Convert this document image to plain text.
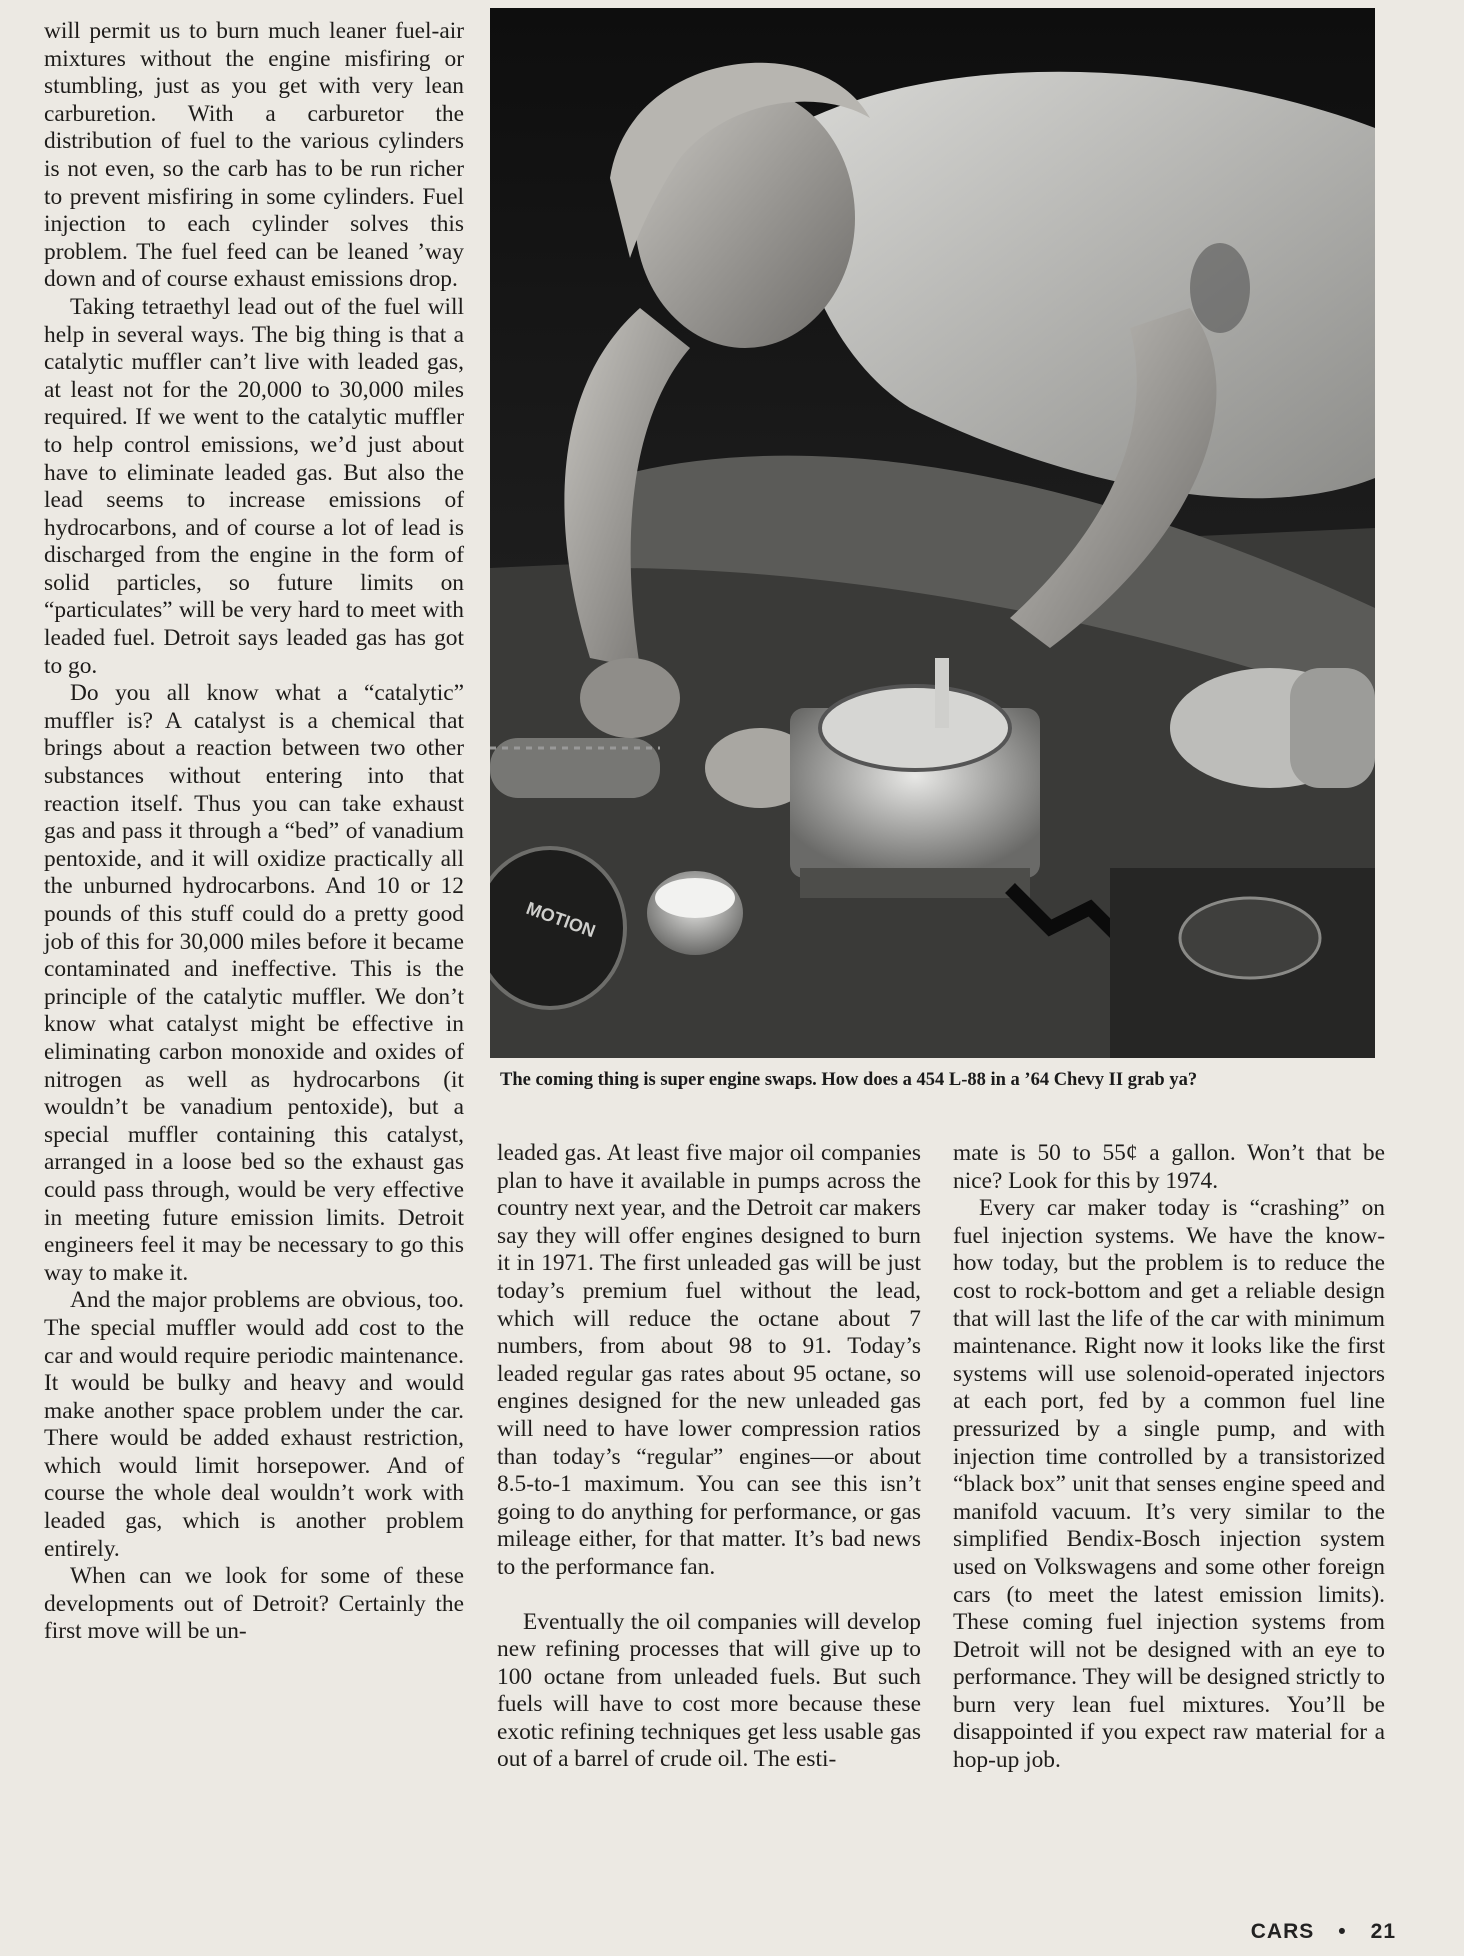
will permit us to burn much leaner fuel-air mixtures without the engine misfiring or stumbling, just as you get with very lean carburetion. With a carburetor the distribution of fuel to the various cylinders is not even, so the carb has to be run richer to prevent misfiring in some cylinders. Fuel injection to each cylinder solves this problem. The fuel feed can be leaned ’way down and of course exhaust emissions drop.

Taking tetraethyl lead out of the fuel will help in several ways. The big thing is that a catalytic muffler can’t live with leaded gas, at least not for the 20,000 to 30,000 miles required. If we went to the catalytic muffler to help control emissions, we’d just about have to eliminate leaded gas. But also the lead seems to increase emissions of hydrocarbons, and of course a lot of lead is discharged from the engine in the form of solid particles, so future limits on “particulates” will be very hard to meet with leaded fuel. Detroit says leaded gas has got to go.

Do you all know what a “catalytic” muffler is? A catalyst is a chemical that brings about a reaction between two other substances without entering into that reaction itself. Thus you can take exhaust gas and pass it through a “bed” of vanadium pentoxide, and it will oxidize practically all the unburned hydrocarbons. And 10 or 12 pounds of this stuff could do a pretty good job of this for 30,000 miles before it became contaminated and ineffective. This is the principle of the catalytic muffler. We don’t know what catalyst might be effective in eliminating carbon monoxide and oxides of nitrogen as well as hydrocarbons (it wouldn’t be vanadium pentoxide), but a special muffler containing this catalyst, arranged in a loose bed so the exhaust gas could pass through, would be very effective in meeting future emission limits. Detroit engineers feel it may be necessary to go this way to make it.

And the major problems are obvious, too. The special muffler would add cost to the car and would require periodic maintenance. It would be bulky and heavy and would make another space problem under the car. There would be added exhaust restriction, which would limit horsepower. And of course the whole deal wouldn’t work with leaded gas, which is another problem entirely.

When can we look for some of these developments out of Detroit? Certainly the first move will be un-

MOTION
The coming thing is super engine swaps. How does a 454 L-88 in a ’64 Chevy II grab ya?

leaded gas. At least five major oil companies plan to have it available in pumps across the country next year, and the Detroit car makers say they will offer engines designed to burn it in 1971. The first unleaded gas will be just today’s premium fuel without the lead, which will reduce the octane about 7 numbers, from about 98 to 91. Today’s leaded regular gas rates about 95 octane, so engines designed for the new unleaded gas will need to have lower compression ratios than today’s “regular” engines—or about 8.5-to-1 maximum. You can see this isn’t going to do anything for performance, or gas mileage either, for that matter. It’s bad news to the performance fan.

Eventually the oil companies will develop new refining processes that will give up to 100 octane from unleaded fuels. But such fuels will have to cost more because these exotic refining techniques get less usable gas out of a barrel of crude oil. The esti-

mate is 50 to 55¢ a gallon. Won’t that be nice? Look for this by 1974.

Every car maker today is “crashing” on fuel injection systems. We have the know-how today, but the problem is to reduce the cost to rock-bottom and get a reliable design that will last the life of the car with minimum maintenance. Right now it looks like the first systems will use solenoid-operated injectors at each port, fed by a common fuel line pressurized by a single pump, and with injection time controlled by a transistorized “black box” unit that senses engine speed and manifold vacuum. It’s very similar to the simplified Bendix-Bosch injection system used on Volkswagens and some other foreign cars (to meet the latest emission limits). These coming fuel injection systems from Detroit will not be designed with an eye to performance. They will be designed strictly to burn very lean fuel mixtures. You’ll be disappointed if you expect raw material for a hop-up job.

CARS • 21
